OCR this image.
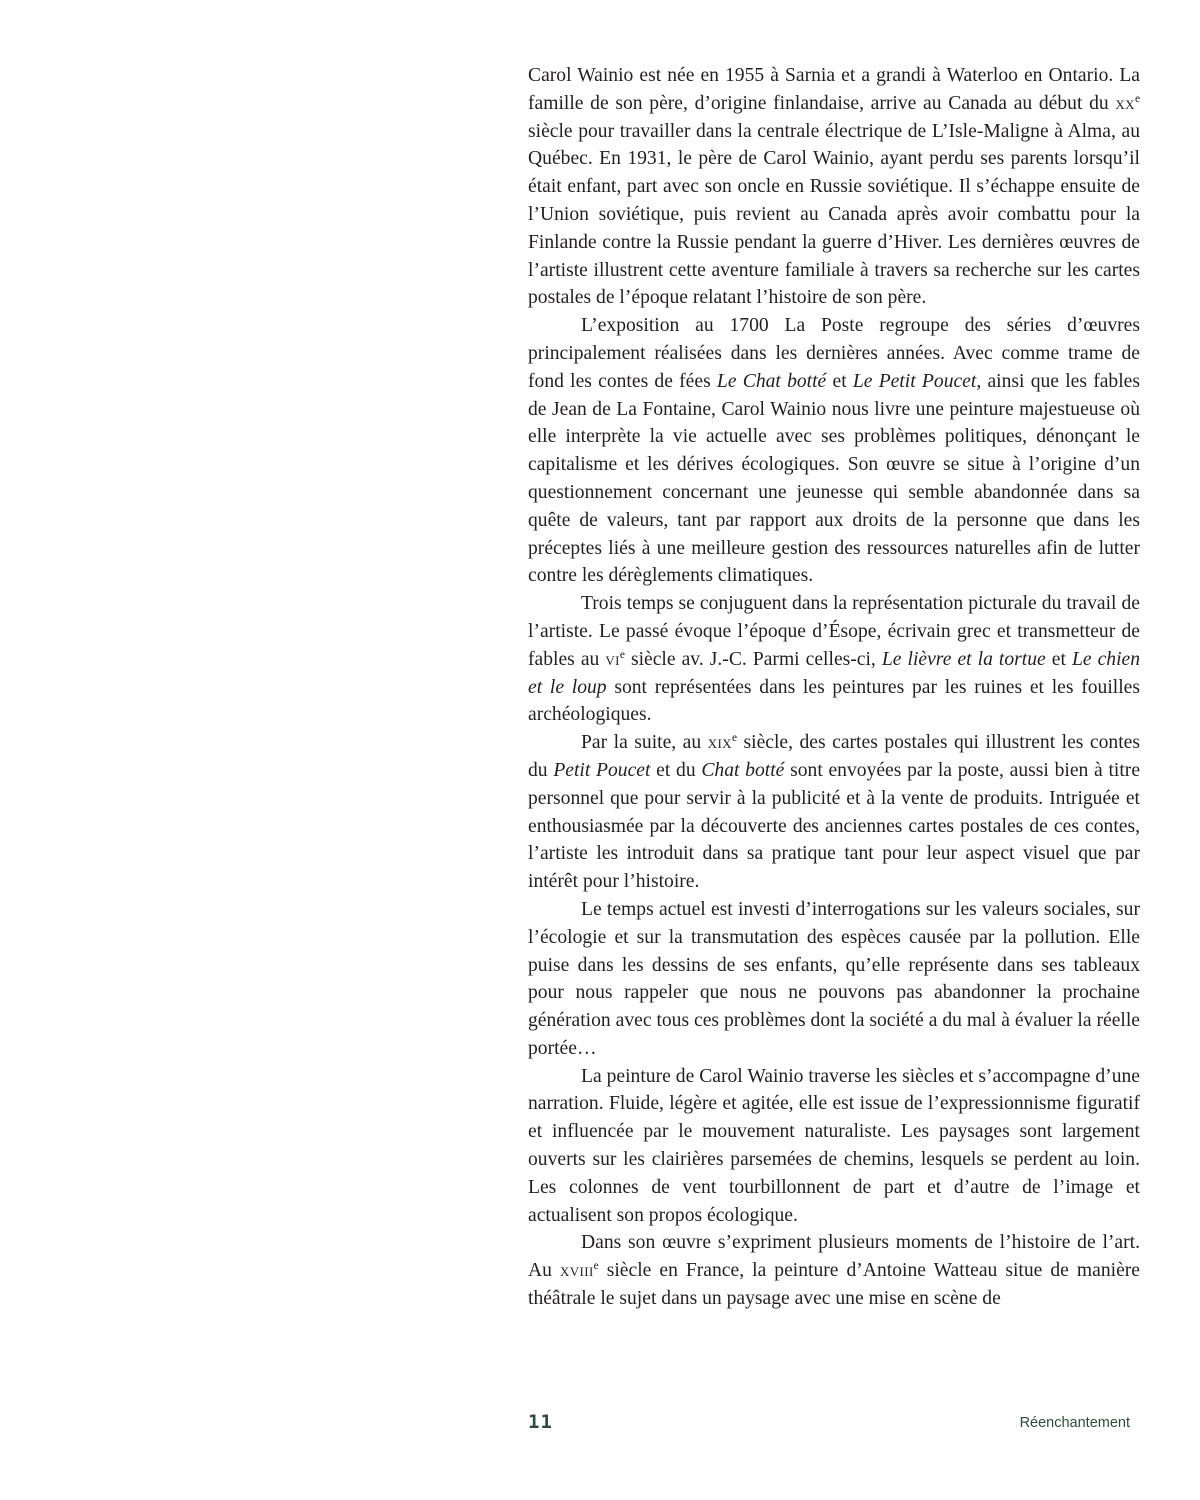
Carol Wainio est née en 1955 à Sarnia et a grandi à Waterloo en Ontario. La famille de son père, d’origine finlandaise, arrive au Canada au début du $xx^e$ siècle pour travailler dans la centrale électrique de L’Isle-Maligne à Alma, au Québec. En 1931, le père de Carol Wainio, ayant perdu ses parents lorsqu’il était enfant, part avec son oncle en Russie soviétique. Il s’échappe ensuite de l’Union soviétique, puis revient au Canada après avoir combattu pour la Finlande contre la Russie pendant la guerre d’Hiver. Les dernières œuvres de l’artiste illustrent cette aventure familiale à travers sa recherche sur les cartes postales de l’époque relatant l’histoire de son père.

L’exposition au 1700 La Poste regroupe des séries d’œuvres principalement réalisées dans les dernières années. Avec comme trame de fond les contes de fées Le Chat botté et Le Petit Poucet, ainsi que les fables de Jean de La Fontaine, Carol Wainio nous livre une peinture majestueuse où elle interprète la vie actuelle avec ses problèmes politiques, dénonçant le capitalisme et les dérives écologiques. Son œuvre se situe à l’origine d’un questionnement concernant une jeunesse qui semble abandonnée dans sa quête de valeurs, tant par rapport aux droits de la personne que dans les préceptes liés à une meilleure gestion des ressources naturelles afin de lutter contre les dérèglements climatiques.

Trois temps se conjuguent dans la représentation picturale du travail de l’artiste. Le passé évoque l’époque d’Ésope, écrivain grec et transmetteur de fables au $vi^e$ siècle av. J.-C. Parmi celles-ci, Le lièvre et la tortue et Le chien et le loup sont représentées dans les peintures par les ruines et les fouilles archéologiques.

Par la suite, au xix$^e$ siècle, des cartes postales qui illustrent les contes du Petit Poucet et du Chat botté sont envoyées par la poste, aussi bien à titre personnel que pour servir à la publicité et à la vente de produits. Intriguée et enthousiasmée par la découverte des anciennes cartes postales de ces contes, l’artiste les introduit dans sa pratique tant pour leur aspect visuel que par intérêt pour l’histoire.

Le temps actuel est investi d’interrogations sur les valeurs sociales, sur l’écologie et sur la transmutation des espèces causée par la pollution. Elle puise dans les dessins de ses enfants, qu’elle représente dans ses tableaux pour nous rappeler que nous ne pouvons pas abandonner la prochaine génération avec tous ces problèmes dont la société a du mal à évaluer la réelle portée…

La peinture de Carol Wainio traverse les siècles et s’accompagne d’une narration. Fluide, légère et agitée, elle est issue de l’expressionnisme figuratif et influencée par le mouvement naturaliste. Les paysages sont largement ouverts sur les clairières parsemées de chemins, lesquels se perdent au loin. Les colonnes de vent tourbillonnent de part et d’autre de l’image et actualisent son propos écologique.

Dans son œuvre s’expriment plusieurs moments de l’histoire de l’art. Au xviii$^e$ siècle en France, la peinture d’Antoine Watteau situe de manière théâtrale le sujet dans un paysage avec une mise en scène de

11	Réenchantement
